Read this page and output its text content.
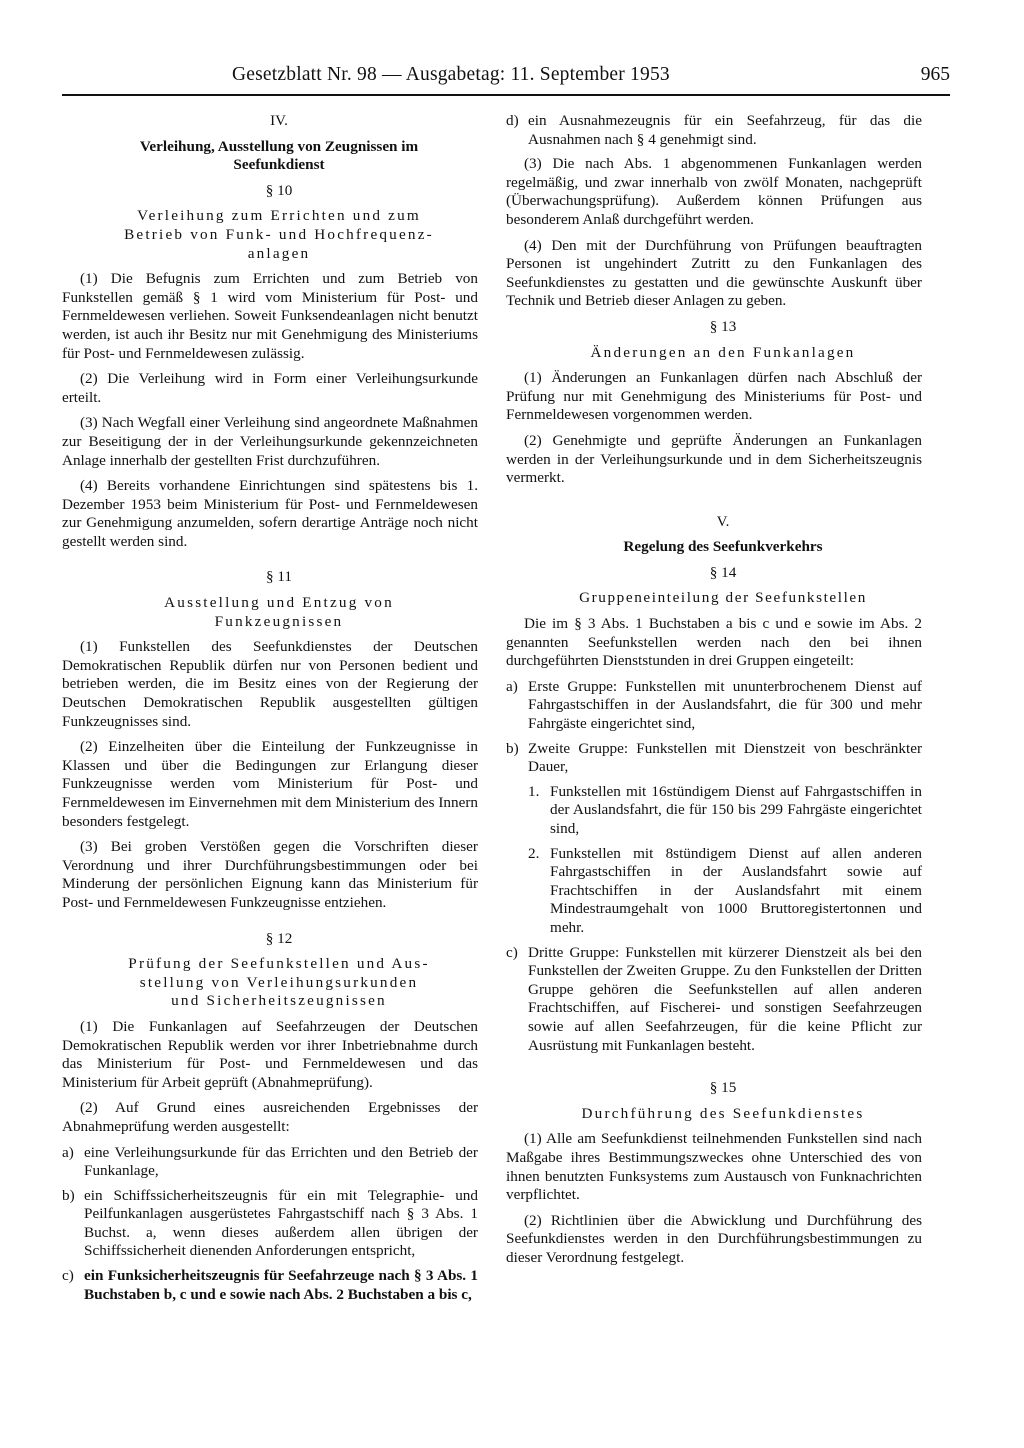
Gesetzblatt Nr. 98 — Ausgabetag: 11. September 1953	965

IV.

Verleihung, Ausstellung von Zeugnissen im

Seefunkdienst

§ 10

Verleihung zum Errichten und zum

Betrieb von Funk- und Hochfrequenz-

anlagen

(1) Die Befugnis zum Errichten und zum Betrieb von Funkstellen gemäß § 1 wird vom Ministerium für Post- und Fernmeldewesen verliehen. Soweit Funksendeanlagen nicht benutzt werden, ist auch ihr Besitz nur mit Genehmigung des Ministeriums für Post- und Fernmeldewesen zulässig.

(2) Die Verleihung wird in Form einer Verleihungsurkunde erteilt.

(3) Nach Wegfall einer Verleihung sind angeordnete Maßnahmen zur Beseitigung der in der Verleihungsurkunde gekennzeichneten Anlage innerhalb der gestellten Frist durchzuführen.

(4) Bereits vorhandene Einrichtungen sind spätestens bis 1. Dezember 1953 beim Ministerium für Post- und Fernmeldewesen zur Genehmigung anzumelden, sofern derartige Anträge noch nicht gestellt werden sind.

§ 11

Ausstellung und Entzug von

Funkzeugnissen

(1) Funkstellen des Seefunkdienstes der Deutschen Demokratischen Republik dürfen nur von Personen bedient und betrieben werden, die im Besitz eines von der Regierung der Deutschen Demokratischen Republik ausgestellten gültigen Funkzeugnisses sind.

(2) Einzelheiten über die Einteilung der Funkzeugnisse in Klassen und über die Bedingungen zur Erlangung dieser Funkzeugnisse werden vom Ministerium für Post- und Fernmeldewesen im Einvernehmen mit dem Ministerium des Innern besonders festgelegt.

(3) Bei groben Verstößen gegen die Vorschriften dieser Verordnung und ihrer Durchführungsbestimmungen oder bei Minderung der persönlichen Eignung kann das Ministerium für Post- und Fernmeldewesen Funkzeugnisse entziehen.

§ 12

Prüfung der Seefunkstellen und Aus-

stellung von Verleihungsurkunden

und Sicherheitszeugnissen

(1) Die Funkanlagen auf Seefahrzeugen der Deutschen Demokratischen Republik werden vor ihrer Inbetriebnahme durch das Ministerium für Post- und Fernmeldewesen und das Ministerium für Arbeit geprüft (Abnahmeprüfung).

(2) Auf Grund eines ausreichenden Ergebnisses der Abnahmeprüfung werden ausgestellt:

a) eine Verleihungsurkunde für das Errichten und den Betrieb der Funkanlage,
b) ein Schiffssicherheitszeugnis für ein mit Telegraphie- und Peilfunkanlagen ausgerüstetes Fahrgastschiff nach § 3 Abs. 1 Buchst. a, wenn dieses außerdem allen übrigen der Schiffssicherheit dienenden Anforderungen entspricht,
c) ein Funksicherheitszeugnis für Seefahrzeuge nach § 3 Abs. 1 Buchstaben b, c und e sowie nach Abs. 2 Buchstaben a bis c,
d) ein Ausnahmezeugnis für ein Seefahrzeug, für das die Ausnahmen nach § 4 genehmigt sind.

(3) Die nach Abs. 1 abgenommenen Funkanlagen werden regelmäßig, und zwar innerhalb von zwölf Monaten, nachgeprüft (Überwachungsprüfung). Außerdem können Prüfungen aus besonderem Anlaß durchgeführt werden.

(4) Den mit der Durchführung von Prüfungen beauftragten Personen ist ungehindert Zutritt zu den Funkanlagen des Seefunkdienstes zu gestatten und die gewünschte Auskunft über Technik und Betrieb dieser Anlagen zu geben.

§ 13

Änderungen an den Funkanlagen

(1) Änderungen an Funkanlagen dürfen nach Abschluß der Prüfung nur mit Genehmigung des Ministeriums für Post- und Fernmeldewesen vorgenommen werden.

(2) Genehmigte und geprüfte Änderungen an Funkanlagen werden in der Verleihungsurkunde und in dem Sicherheitszeugnis vermerkt.

V.

Regelung des Seefunkverkehrs

§ 14

Gruppeneinteilung der Seefunkstellen

Die im § 3 Abs. 1 Buchstaben a bis c und e sowie im Abs. 2 genannten Seefunkstellen werden nach den bei ihnen durchgeführten Dienststunden in drei Gruppen eingeteilt:

a) Erste Gruppe: Funkstellen mit ununterbrochenem Dienst auf Fahrgastschiffen in der Auslandsfahrt, die für 300 und mehr Fahrgäste eingerichtet sind,
b) Zweite Gruppe: Funkstellen mit Dienstzeit von beschränkter Dauer,
1. Funkstellen mit 16stündigem Dienst auf Fahrgastschiffen in der Auslandsfahrt, die für 150 bis 299 Fahrgäste eingerichtet sind,
2. Funkstellen mit 8stündigem Dienst auf allen anderen Fahrgastschiffen in der Auslandsfahrt sowie auf Frachtschiffen in der Auslandsfahrt mit einem Mindestraumgehalt von 1000 Bruttoregistertonnen und mehr.
c) Dritte Gruppe: Funkstellen mit kürzerer Dienstzeit als bei den Funkstellen der Zweiten Gruppe. Zu den Funkstellen der Dritten Gruppe gehören die Seefunkstellen auf allen anderen Frachtschiffen, auf Fischerei- und sonstigen Seefahrzeugen sowie auf allen Seefahrzeugen, für die keine Pflicht zur Ausrüstung mit Funkanlagen besteht.

§ 15

Durchführung des Seefunkdienstes

(1) Alle am Seefunkdienst teilnehmenden Funkstellen sind nach Maßgabe ihres Bestimmungszweckes ohne Unterschied des von ihnen benutzten Funksystems zum Austausch von Funknachrichten verpflichtet.

(2) Richtlinien über die Abwicklung und Durchführung des Seefunkdienstes werden in den Durchführungsbestimmungen zu dieser Verordnung festgelegt.
